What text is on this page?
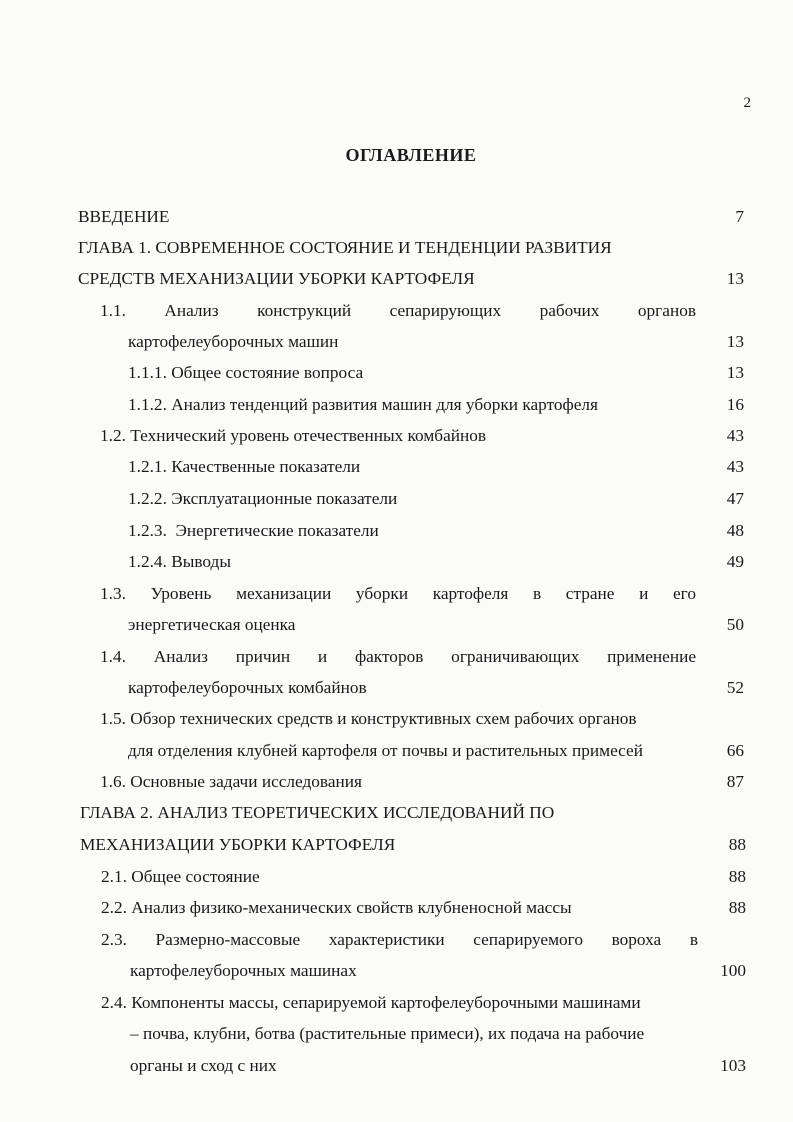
2
ОГЛАВЛЕНИЕ
ВВЕДЕНИЕ	7
ГЛАВА 1. СОВРЕМЕННОЕ СОСТОЯНИЕ И ТЕНДЕНЦИИ РАЗВИТИЯ
СРЕДСТВ МЕХАНИЗАЦИИ УБОРКИ КАРТОФЕЛЯ	13
1.1. Анализ конструкций сепарирующих рабочих органов
картофелеуборочных машин	13
1.1.1. Общее состояние вопроса	13
1.1.2. Анализ тенденций развития машин для уборки картофеля	16
1.2. Технический уровень отечественных комбайнов	43
1.2.1. Качественные показатели	43
1.2.2. Эксплуатационные показатели	47
1.2.3.  Энергетические показатели	48
1.2.4. Выводы	49
1.3. Уровень механизации уборки картофеля в стране и его
энергетическая оценка	50
1.4. Анализ причин и факторов ограничивающих применение
картофелеуборочных комбайнов	52
1.5. Обзор технических средств и конструктивных схем рабочих органов
для отделения клубней картофеля от почвы и растительных примесей	66
1.6. Основные задачи исследования	87
ГЛАВА 2. АНАЛИЗ ТЕОРЕТИЧЕСКИХ ИССЛЕДОВАНИЙ ПО
МЕХАНИЗАЦИИ УБОРКИ КАРТОФЕЛЯ	88
2.1. Общее состояние	88
2.2. Анализ физико-механических свойств клубненосной массы	88
2.3. Размерно-массовые характеристики сепарируемого вороха в
картофелеуборочных машинах	100
2.4. Компоненты массы, сепарируемой картофелеуборочными машинами
– почва, клубни, ботва (растительные примеси), их подача на рабочие
органы и сход с них	103
